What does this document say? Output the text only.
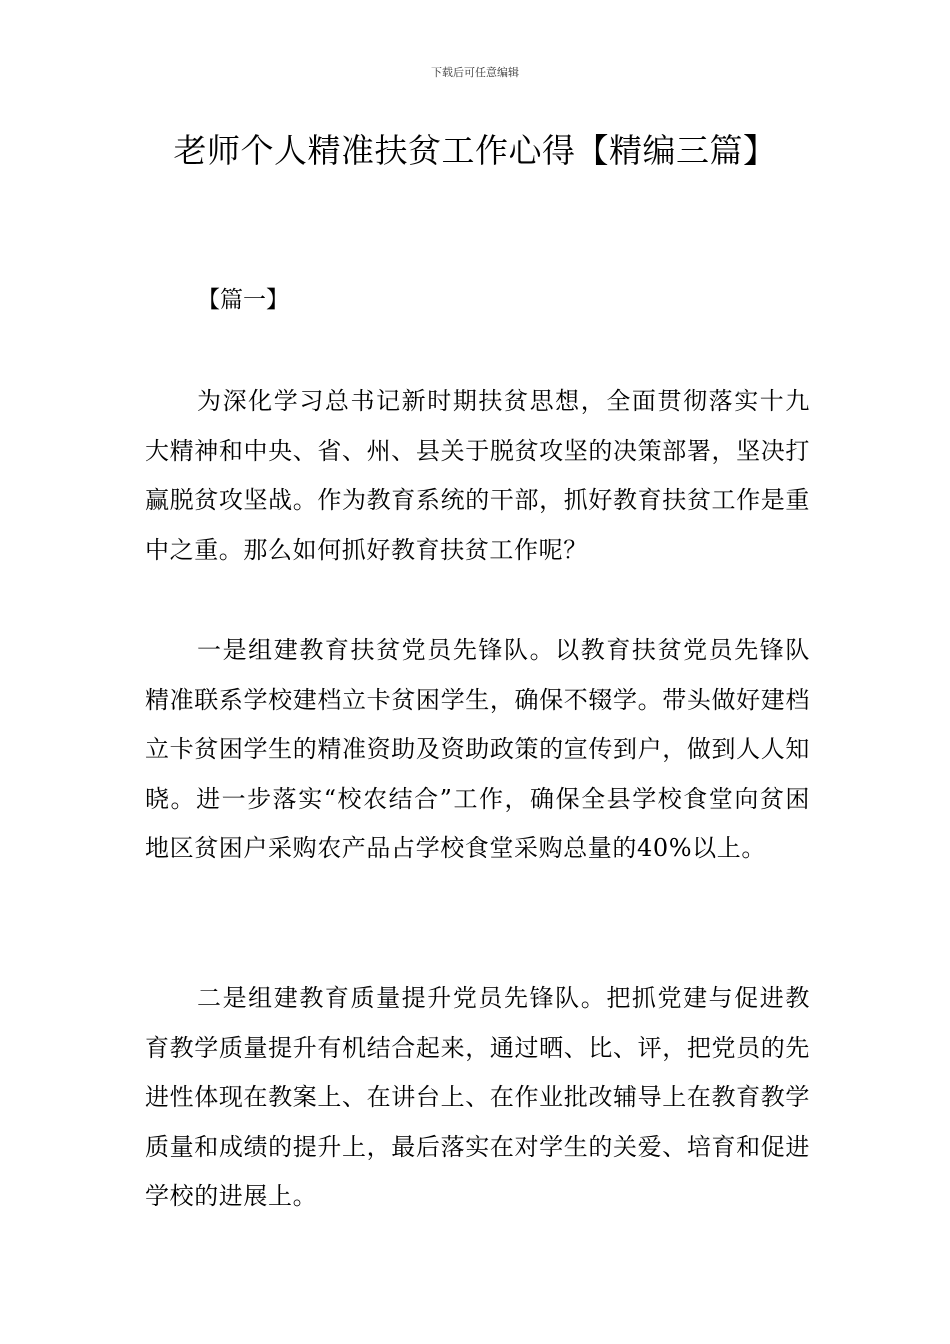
下载后可任意编辑
老师个人精准扶贫工作心得【精编三篇】
【篇一】

为深化学习总书记新时期扶贫思想，全面贯彻落实十九大精神和中央、省、州、县关于脱贫攻坚的决策部署，坚决打赢脱贫攻坚战。作为教育系统的干部，抓好教育扶贫工作是重中之重。那么如何抓好教育扶贫工作呢？

一是组建教育扶贫党员先锋队。以教育扶贫党员先锋队精准联系学校建档立卡贫困学生，确保不辍学。带头做好建档立卡贫困学生的精准资助及资助政策的宣传到户，做到人人知晓。进一步落实“校农结合”工作，确保全县学校食堂向贫困地区贫困户采购农产品占学校食堂采购总量的40%以上。

二是组建教育质量提升党员先锋队。把抓党建与促进教育教学质量提升有机结合起来，通过晒、比、评，把党员的先进性体现在教案上、在讲台上、在作业批改辅导上在教育教学质量和成绩的提升上，最后落实在对学生的关爱、培育和促进学校的进展上。
